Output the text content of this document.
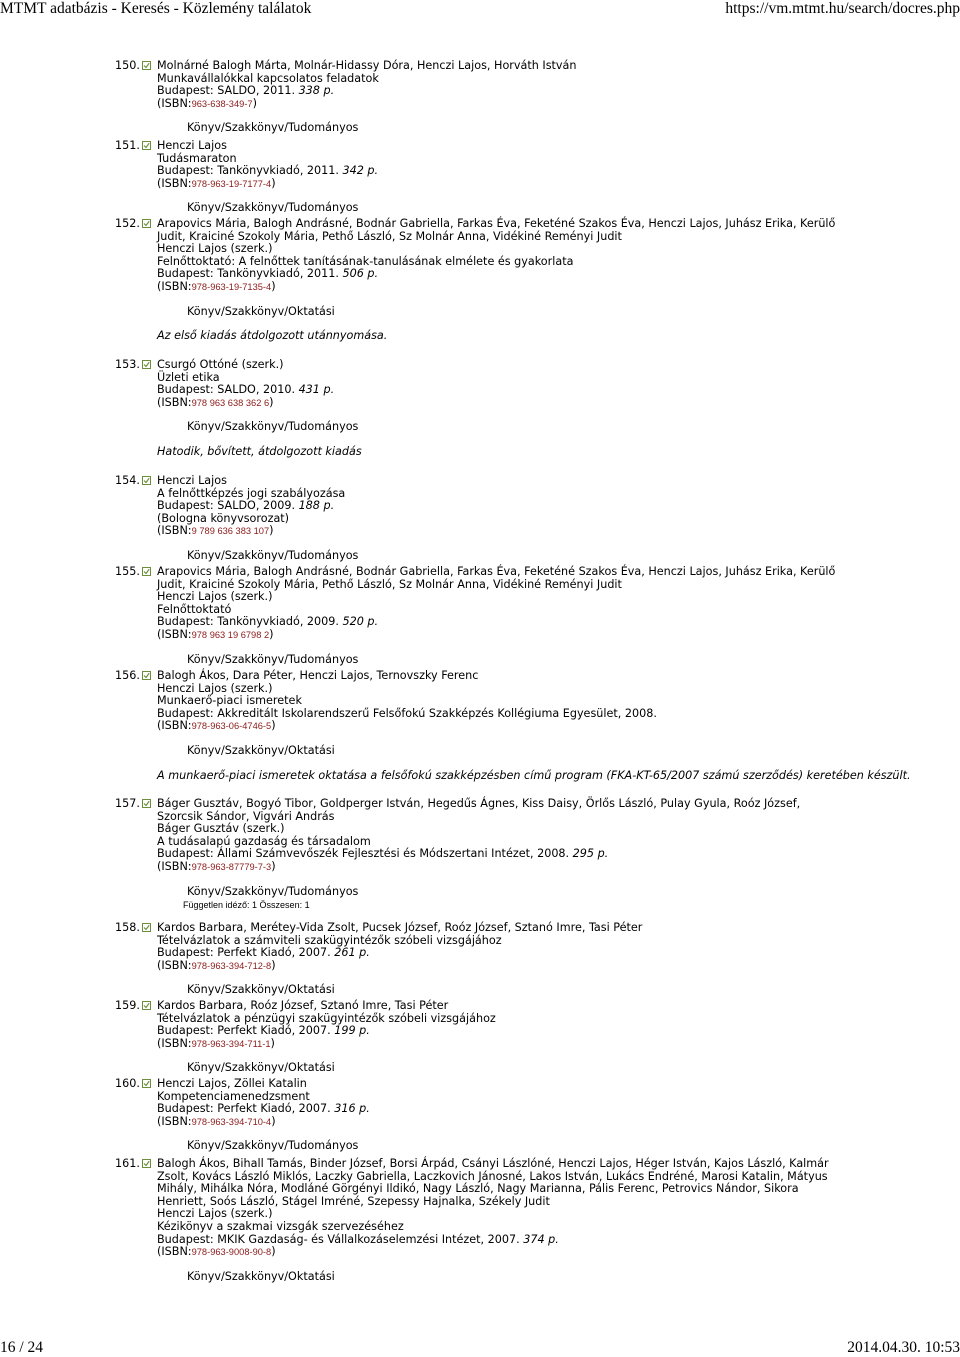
MTMT adatbázis - Keresés - Közlemény találatok	https://vm.mtmt.hu/search/docres.php
150. Molnárné Balogh Márta, Molnár-Hidassy Dóra, Henczi Lajos, Horváth István
Munkavállalókkal kapcsolatos feladatok
Budapest: SALDO, 2011. 338 p.
(ISBN:963-638-349-7)
Könyv/Szakkönyv/Tudományos
151. Henczi Lajos
Tudásmaraton
Budapest: Tankönyvkiadó, 2011. 342 p.
(ISBN:978-963-19-7177-4)
Könyv/Szakkönyv/Tudományos
152. Arapovics Mária, Balogh Andrásné, Bodnár Gabriella, Farkas Éva, Feketéné Szakos Éva, Henczi Lajos, Juhász Erika, Kerülő Judit, Kraiciné Szokoly Mária, Pethő László, Sz Molnár Anna, Vidékiné Reményi Judit
Henczi Lajos (szerk.)
Felnőttoktató: A felnőttek tanításának-tanulásának elmélete és gyakorlata
Budapest: Tankönyvkiadó, 2011. 506 p.
(ISBN:978-963-19-7135-4)
Könyv/Szakkönyv/Oktatási
Az első kiadás átdolgozott utánnyomása.
153. Csurgó Ottóné (szerk.)
Üzleti etika
Budapest: SALDO, 2010. 431 p.
(ISBN:978 963 638 362 6)
Könyv/Szakkönyv/Tudományos
Hatodik, bővített, átdolgozott kiadás
154. Henczi Lajos
A felnőttképzés jogi szabályozása
Budapest: SALDO, 2009. 188 p.
(Bologna könyvsorozat)
(ISBN:9 789 636 383 107)
Könyv/Szakkönyv/Tudományos
155. Arapovics Mária, Balogh Andrásné, Bodnár Gabriella, Farkas Éva, Feketéné Szakos Éva, Henczi Lajos, Juhász Erika, Kerülő Judit, Kraiciné Szokoly Mária, Pethő László, Sz Molnár Anna, Vidékiné Reményi Judit
Henczi Lajos (szerk.)
Felnőttoktató
Budapest: Tankönyvkiadó, 2009. 520 p.
(ISBN:978 963 19 6798 2)
Könyv/Szakkönyv/Tudományos
156. Balogh Ákos, Dara Péter, Henczi Lajos, Ternovszky Ferenc
Henczi Lajos (szerk.)
Munkaerő-piaci ismeretek
Budapest: Akkreditált Iskolarendszerű Felsőfokú Szakképzés Kollégiuma Egyesület, 2008.
(ISBN:978-963-06-4746-5)
Könyv/Szakkönyv/Oktatási
A munkaerő-piaci ismeretek oktatása a felsőfokú szakképzésben című program (FKA-KT-65/2007 számú szerződés) keretében készült.
157. Báger Gusztáv, Bogyó Tibor, Goldperger István, Hegedűs Ágnes, Kiss Daisy, Örlős László, Pulay Gyula, Roóz József, Szorcsik Sándor, Vigvári András
Báger Gusztáv (szerk.)
A tudásalapú gazdaság és társadalom
Budapest: Állami Számvevőszék Fejlesztési és Módszertani Intézet, 2008. 295 p.
(ISBN:978-963-87779-7-3)
Könyv/Szakkönyv/Tudományos
Független idéző: 1 Összesen: 1
158. Kardos Barbara, Merétey-Vida Zsolt, Pucsek József, Roóz József, Sztanó Imre, Tasi Péter
Tételvázlatok a számviteli szakügyintézők szóbeli vizsgájához
Budapest: Perfekt Kiadó, 2007. 261 p.
(ISBN:978-963-394-712-8)
Könyv/Szakkönyv/Oktatási
159. Kardos Barbara, Roóz József, Sztanó Imre, Tasi Péter
Tételvázlatok a pénzügyi szakügyintézők szóbeli vizsgájához
Budapest: Perfekt Kiadó, 2007. 199 p.
(ISBN:978-963-394-711-1)
Könyv/Szakkönyv/Oktatási
160. Henczi Lajos, Zöllei Katalin
Kompetenciamenedzsment
Budapest: Perfekt Kiadó, 2007. 316 p.
(ISBN:978-963-394-710-4)
Könyv/Szakkönyv/Tudományos
161. Balogh Ákos, Bihall Tamás, Binder József, Borsi Árpád, Csányi Lászlóné, Henczi Lajos, Héger István, Kajos László, Kalmár Zsolt, Kovács László Miklós, Laczky Gabriella, Laczkovich Jánosné, Lakos István, Lukács Endréné, Marosi Katalin, Mátyus Mihály, Mihálka Nóra, Modláné Görgényi Ildikó, Nagy László, Nagy Marianna, Pális Ferenc, Petrovics Nándor, Sikora Henriett, Soós László, Stágel Imréné, Szepessy Hajnalka, Székely Judit
Henczi Lajos (szerk.)
Kézikönyv a szakmai vizsgák szervezéséhez
Budapest: MKIK Gazdaság- és Vállalkozáselemzési Intézet, 2007. 374 p.
(ISBN:978-963-9008-90-8)
Könyv/Szakkönyv/Oktatási
16 / 24	2014.04.30. 10:53
